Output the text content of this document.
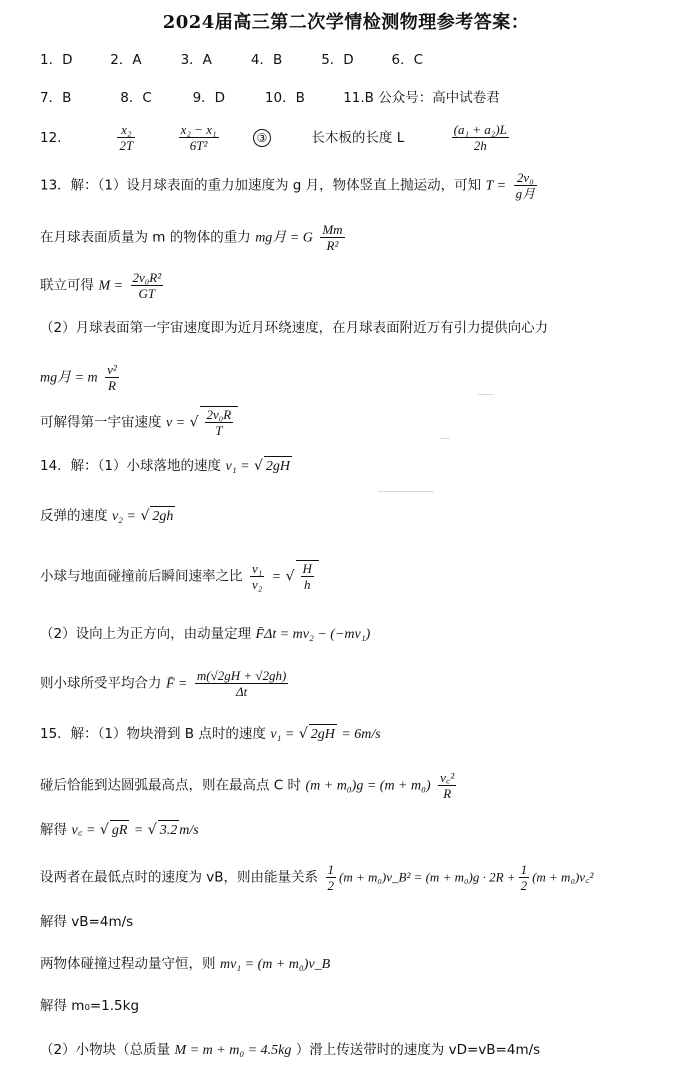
2024届高三第二次学情检测物理参考答案：
1．D	2．A	3．A	4．B	5．D	6．C
7．B	8．C	9．D	10．B	11.B 公众号：高中试卷君
12.	$\frac{\text{x₂}}{2T}$
	$\frac{\text{x₂ − x₁}}{\text{6T²}}$	③	长木板的长度 L	$\frac{\text{(a₁ + a₂)L}}{2h}$
13．解：（1）设月球表面的重力加速度为 g 月，物体竖直上抛运动，可知 $T = \frac{\text{2v₀}}{\text{g月}}$
在月球表面质量为 m 的物体的重力 mg月 = G $\frac{Mm}{\text{R²}}$
联立可得 $M = \frac{\text{2v₀R²}}{GT}$
（2）月球表面第一宇宙速度即为近月环绕速度，在月球表面附近万有引力提供向心力
mg月 = m $\frac{\text{v²}}{R}$
可解得第一宇宙速度 v = √ $\frac{\text{2v₀R}}{T}$
14．解：（1）小球落地的速度 v₁ = √ 2gH
反弹的速度 v₂ = √ 2gh
小球与地面碰撞前后瞬间速率之比 $\frac{\text{v₁}}{\text{v₂}}$ = √ $\frac{H}{h}$
（2）设向上为正方向，由动量定理 F̄Δt = mv₂ − (−mv₁)
则小球所受平均合力 F̄ = $\frac{m(√2gH + √2gh)}{\Delta t}$
15．解：（1）物块滑到 B 点时的速度 v₁ = √ 2gH = 6m/s
碰后恰能到达圆弧最高点，则在最高点 C 时 $(m + m_0)g = (m + m_0) \frac{\text{v꜀²}}{R}$
解得 v꜀ = √ gR = √ 3.2 m/s
设两者在最低点时的速度为 vB，则由能量关系 $\frac{1}{2} (m$ + m₀)v_B² = $(m + m_0)g \cdot 2R + \frac{1}{2} (m$ + m₀)v꜀²
解得 vB=4m/s
两物体碰撞过程动量守恒，则 mv₁ = (m + m₀)v_B
解得 m₀=1.5kg
（2）小物块（总质量 M = m + m₀ = 4.5kg ）滑上传送带时的速度为 vD=vB=4m/s
